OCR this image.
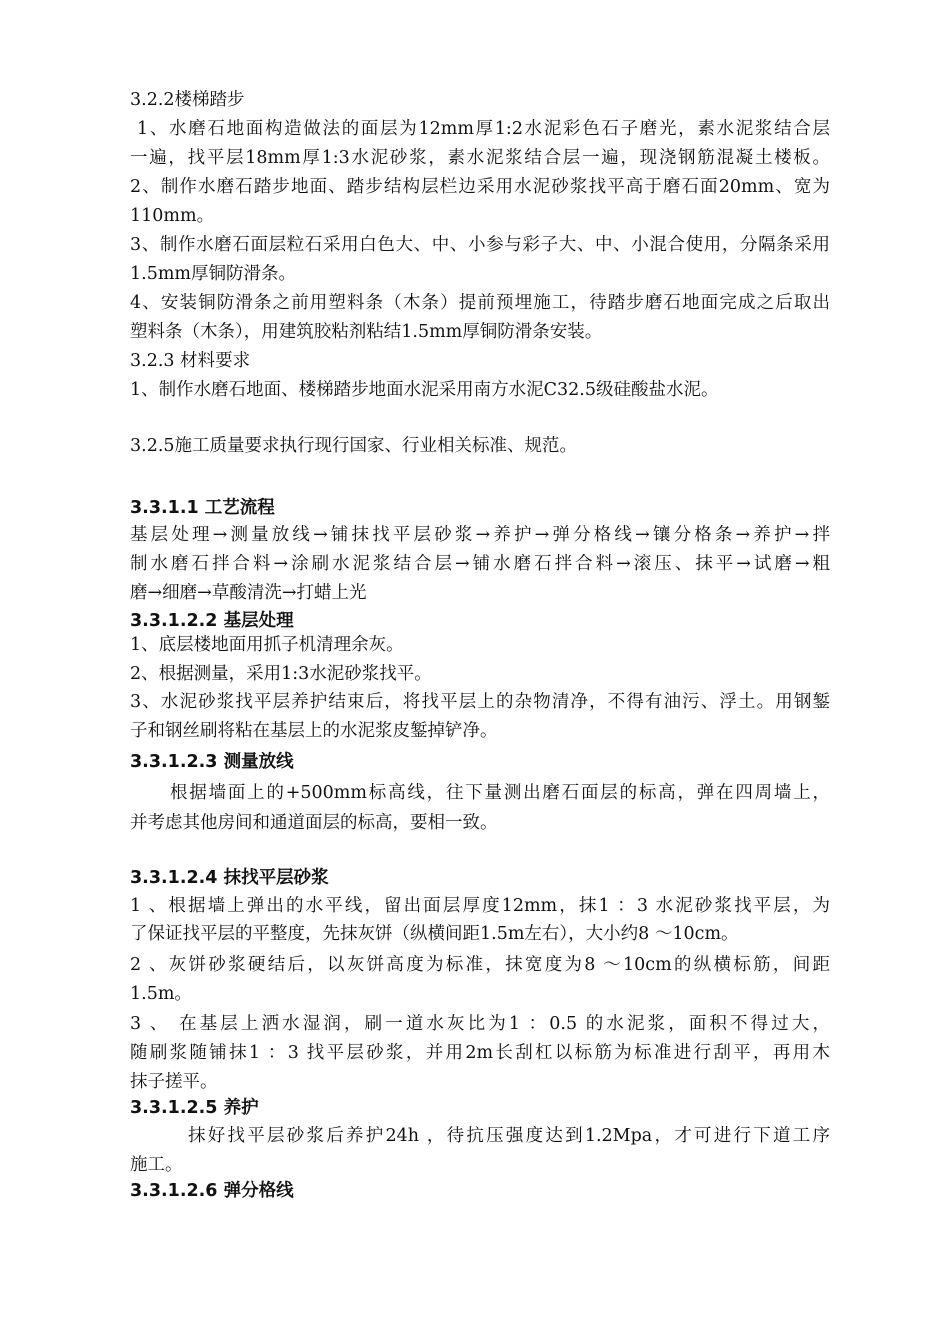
3.2.2楼梯踏步
1、水磨石地面构造做法的面层为12mm厚1:2水泥彩色石子磨光，素水泥浆结合层
一遍，找平层18mm厚1:3水泥砂浆，素水泥浆结合层一遍，现浇钢筋混凝土楼板。
2、制作水磨石踏步地面、踏步结构层栏边采用水泥砂浆找平高于磨石面20mm、宽为
110mm。
3、制作水磨石面层粒石采用白色大、中、小参与彩子大、中、小混合使用，分隔条采用
1.5mm厚铜防滑条。
4、安装铜防滑条之前用塑料条（木条）提前预埋施工，待踏步磨石地面完成之后取出
塑料条（木条），用建筑胶粘剂粘结1.5mm厚铜防滑条安装。
3.2.3 材料要求
1、制作水磨石地面、楼梯踏步地面水泥采用南方水泥C32.5级硅酸盐水泥。
3.2.5施工质量要求执行现行国家、行业相关标准、规范。
3.3.1.1 工艺流程
基层处理→测量放线→铺抹找平层砂浆→养护→弹分格线→镶分格条→养护→拌
制水磨石拌合料→涂刷水泥浆结合层→铺水磨石拌合料→滚压、抹平→试磨→粗
磨→细磨→草酸清洗→打蜡上光
3.3.1.2.2 基层处理
1、底层楼地面用抓子机清理余灰。
2、根据测量，采用1:3水泥砂浆找平。
3、水泥砂浆找平层养护结束后，将找平层上的杂物清净，不得有油污、浮土。用钢錾
子和钢丝刷将粘在基层上的水泥浆皮錾掉铲净。
3.3.1.2.3 测量放线
根据墙面上的+500mm标高线，往下量测出磨石面层的标高，弹在四周墙上，
并考虑其他房间和通道面层的标高，要相一致。
3.3.1.2.4 抹找平层砂浆
1 、根据墙上弹出的水平线，留出面层厚度12mm，抹1 ：3 水泥砂浆找平层，为
了保证找平层的平整度，先抹灰饼（纵横间距1.5m左右），大小约8 ～10cm。
2 、灰饼砂浆硬结后，以灰饼高度为标准，抹宽度为8 ～10cm的纵横标筋，间距
1.5m。
3 、 在基层上洒水湿润，刷一道水灰比为1 ：0.5 的水泥浆，面积不得过大，
随刷浆随铺抹1 ：3 找平层砂浆，并用2m长刮杠以标筋为标准进行刮平，再用木
抹子搓平。
3.3.1.2.5 养护
抹好找平层砂浆后养护24h ，待抗压强度达到1.2Mpa，才可进行下道工序
施工。
3.3.1.2.6 弹分格线
